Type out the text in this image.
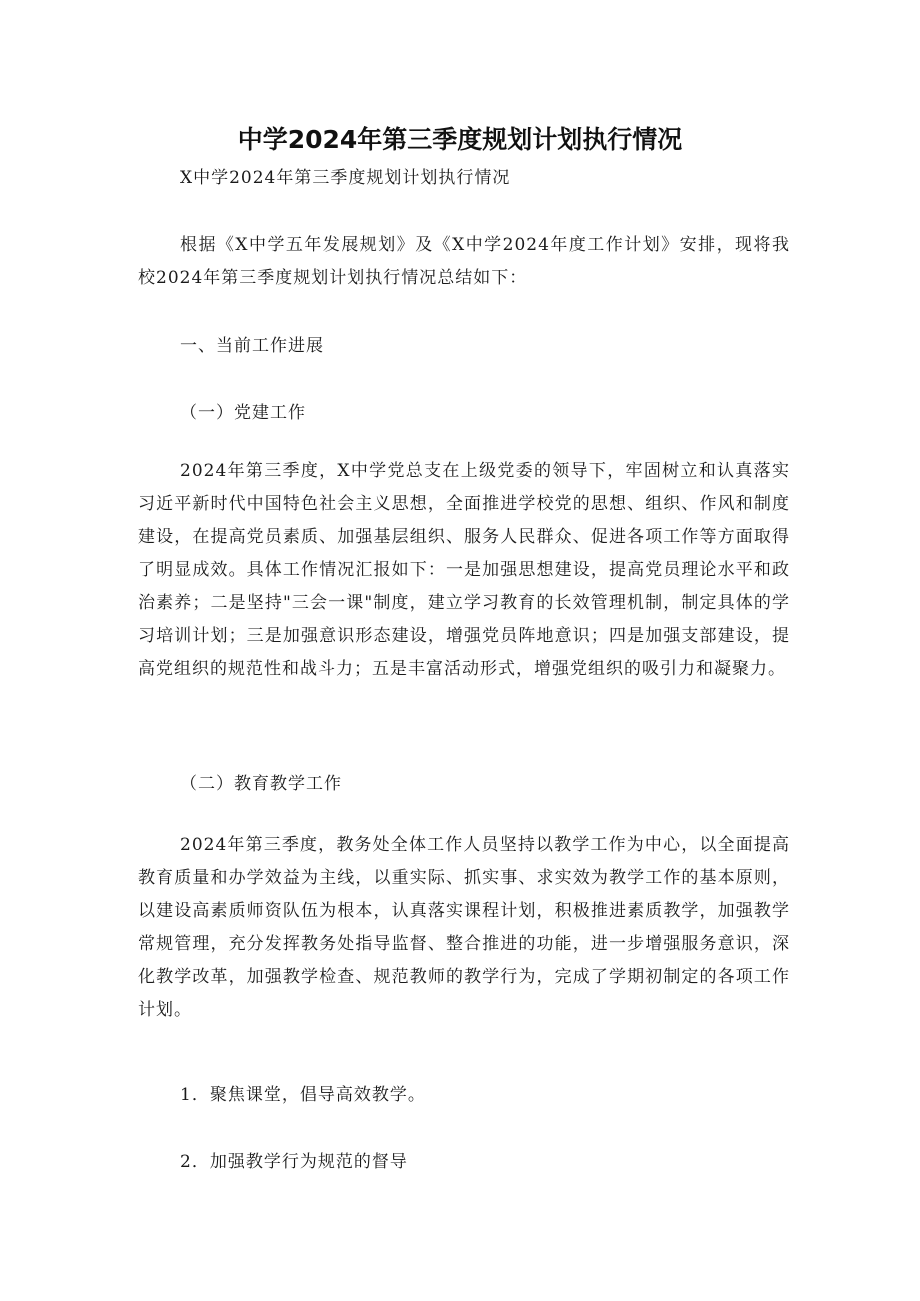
中学2024年第三季度规划计划执行情况
X中学2024年第三季度规划计划执行情况
根据《X中学五年发展规划》及《X中学2024年度工作计划》安排，现将我校2024年第三季度规划计划执行情况总结如下：
一、当前工作进展
（一）党建工作
2024年第三季度，X中学党总支在上级党委的领导下，牢固树立和认真落实习近平新时代中国特色社会主义思想，全面推进学校党的思想、组织、作风和制度建设，在提高党员素质、加强基层组织、服务人民群众、促进各项工作等方面取得了明显成效。具体工作情况汇报如下：一是加强思想建设，提高党员理论水平和政治素养；二是坚持"三会一课"制度，建立学习教育的长效管理机制，制定具体的学习培训计划；三是加强意识形态建设，增强党员阵地意识；四是加强支部建设，提高党组织的规范性和战斗力；五是丰富活动形式，增强党组织的吸引力和凝聚力。
（二）教育教学工作
2024年第三季度，教务处全体工作人员坚持以教学工作为中心，以全面提高教育质量和办学效益为主线，以重实际、抓实事、求实效为教学工作的基本原则，以建设高素质师资队伍为根本，认真落实课程计划，积极推进素质教学，加强教学常规管理，充分发挥教务处指导监督、整合推进的功能，进一步增强服务意识，深化教学改革，加强教学检查、规范教师的教学行为，完成了学期初制定的各项工作计划。
1．聚焦课堂，倡导高效教学。
2．加强教学行为规范的督导
